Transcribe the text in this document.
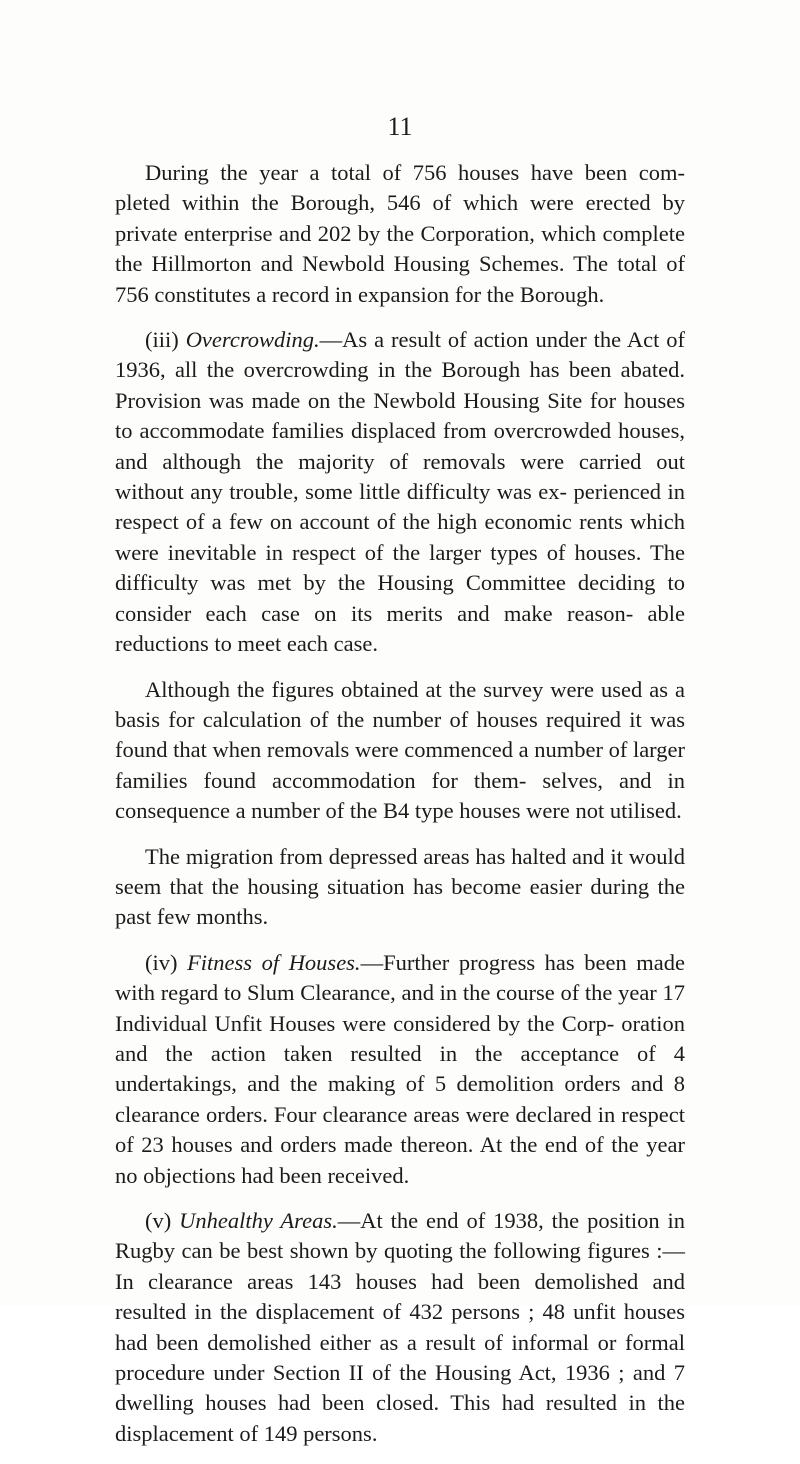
11

During the year a total of 756 houses have been com- pleted within the Borough, 546 of which were erected by private enterprise and 202 by the Corporation, which complete the Hillmorton and Newbold Housing Schemes. The total of 756 constitutes a record in expansion for the Borough.

(iii) Overcrowding.—As a result of action under the Act of 1936, all the overcrowding in the Borough has been abated. Provision was made on the Newbold Housing Site for houses to accommodate families displaced from overcrowded houses, and although the majority of removals were carried out without any trouble, some little difficulty was ex- perienced in respect of a few on account of the high economic rents which were inevitable in respect of the larger types of houses. The difficulty was met by the Housing Committee deciding to consider each case on its merits and make reason- able reductions to meet each case.

Although the figures obtained at the survey were used as a basis for calculation of the number of houses required it was found that when removals were commenced a number of larger families found accommodation for them- selves, and in consequence a number of the B4 type houses were not utilised.

The migration from depressed areas has halted and it would seem that the housing situation has become easier during the past few months.

(iv) Fitness of Houses.—Further progress has been made with regard to Slum Clearance, and in the course of the year 17 Individual Unfit Houses were considered by the Corp- oration and the action taken resulted in the acceptance of 4 undertakings, and the making of 5 demolition orders and 8 clearance orders. Four clearance areas were declared in respect of 23 houses and orders made thereon. At the end of the year no objections had been received.

(v) Unhealthy Areas.—At the end of 1938, the position in Rugby can be best shown by quoting the following figures :—In clearance areas 143 houses had been demolished and resulted in the displacement of 432 persons ; 48 unfit houses had been demolished either as a result of informal or formal procedure under Section II of the Housing Act, 1936 ; and 7 dwelling houses had been closed. This had resulted in the displacement of 149 persons.
